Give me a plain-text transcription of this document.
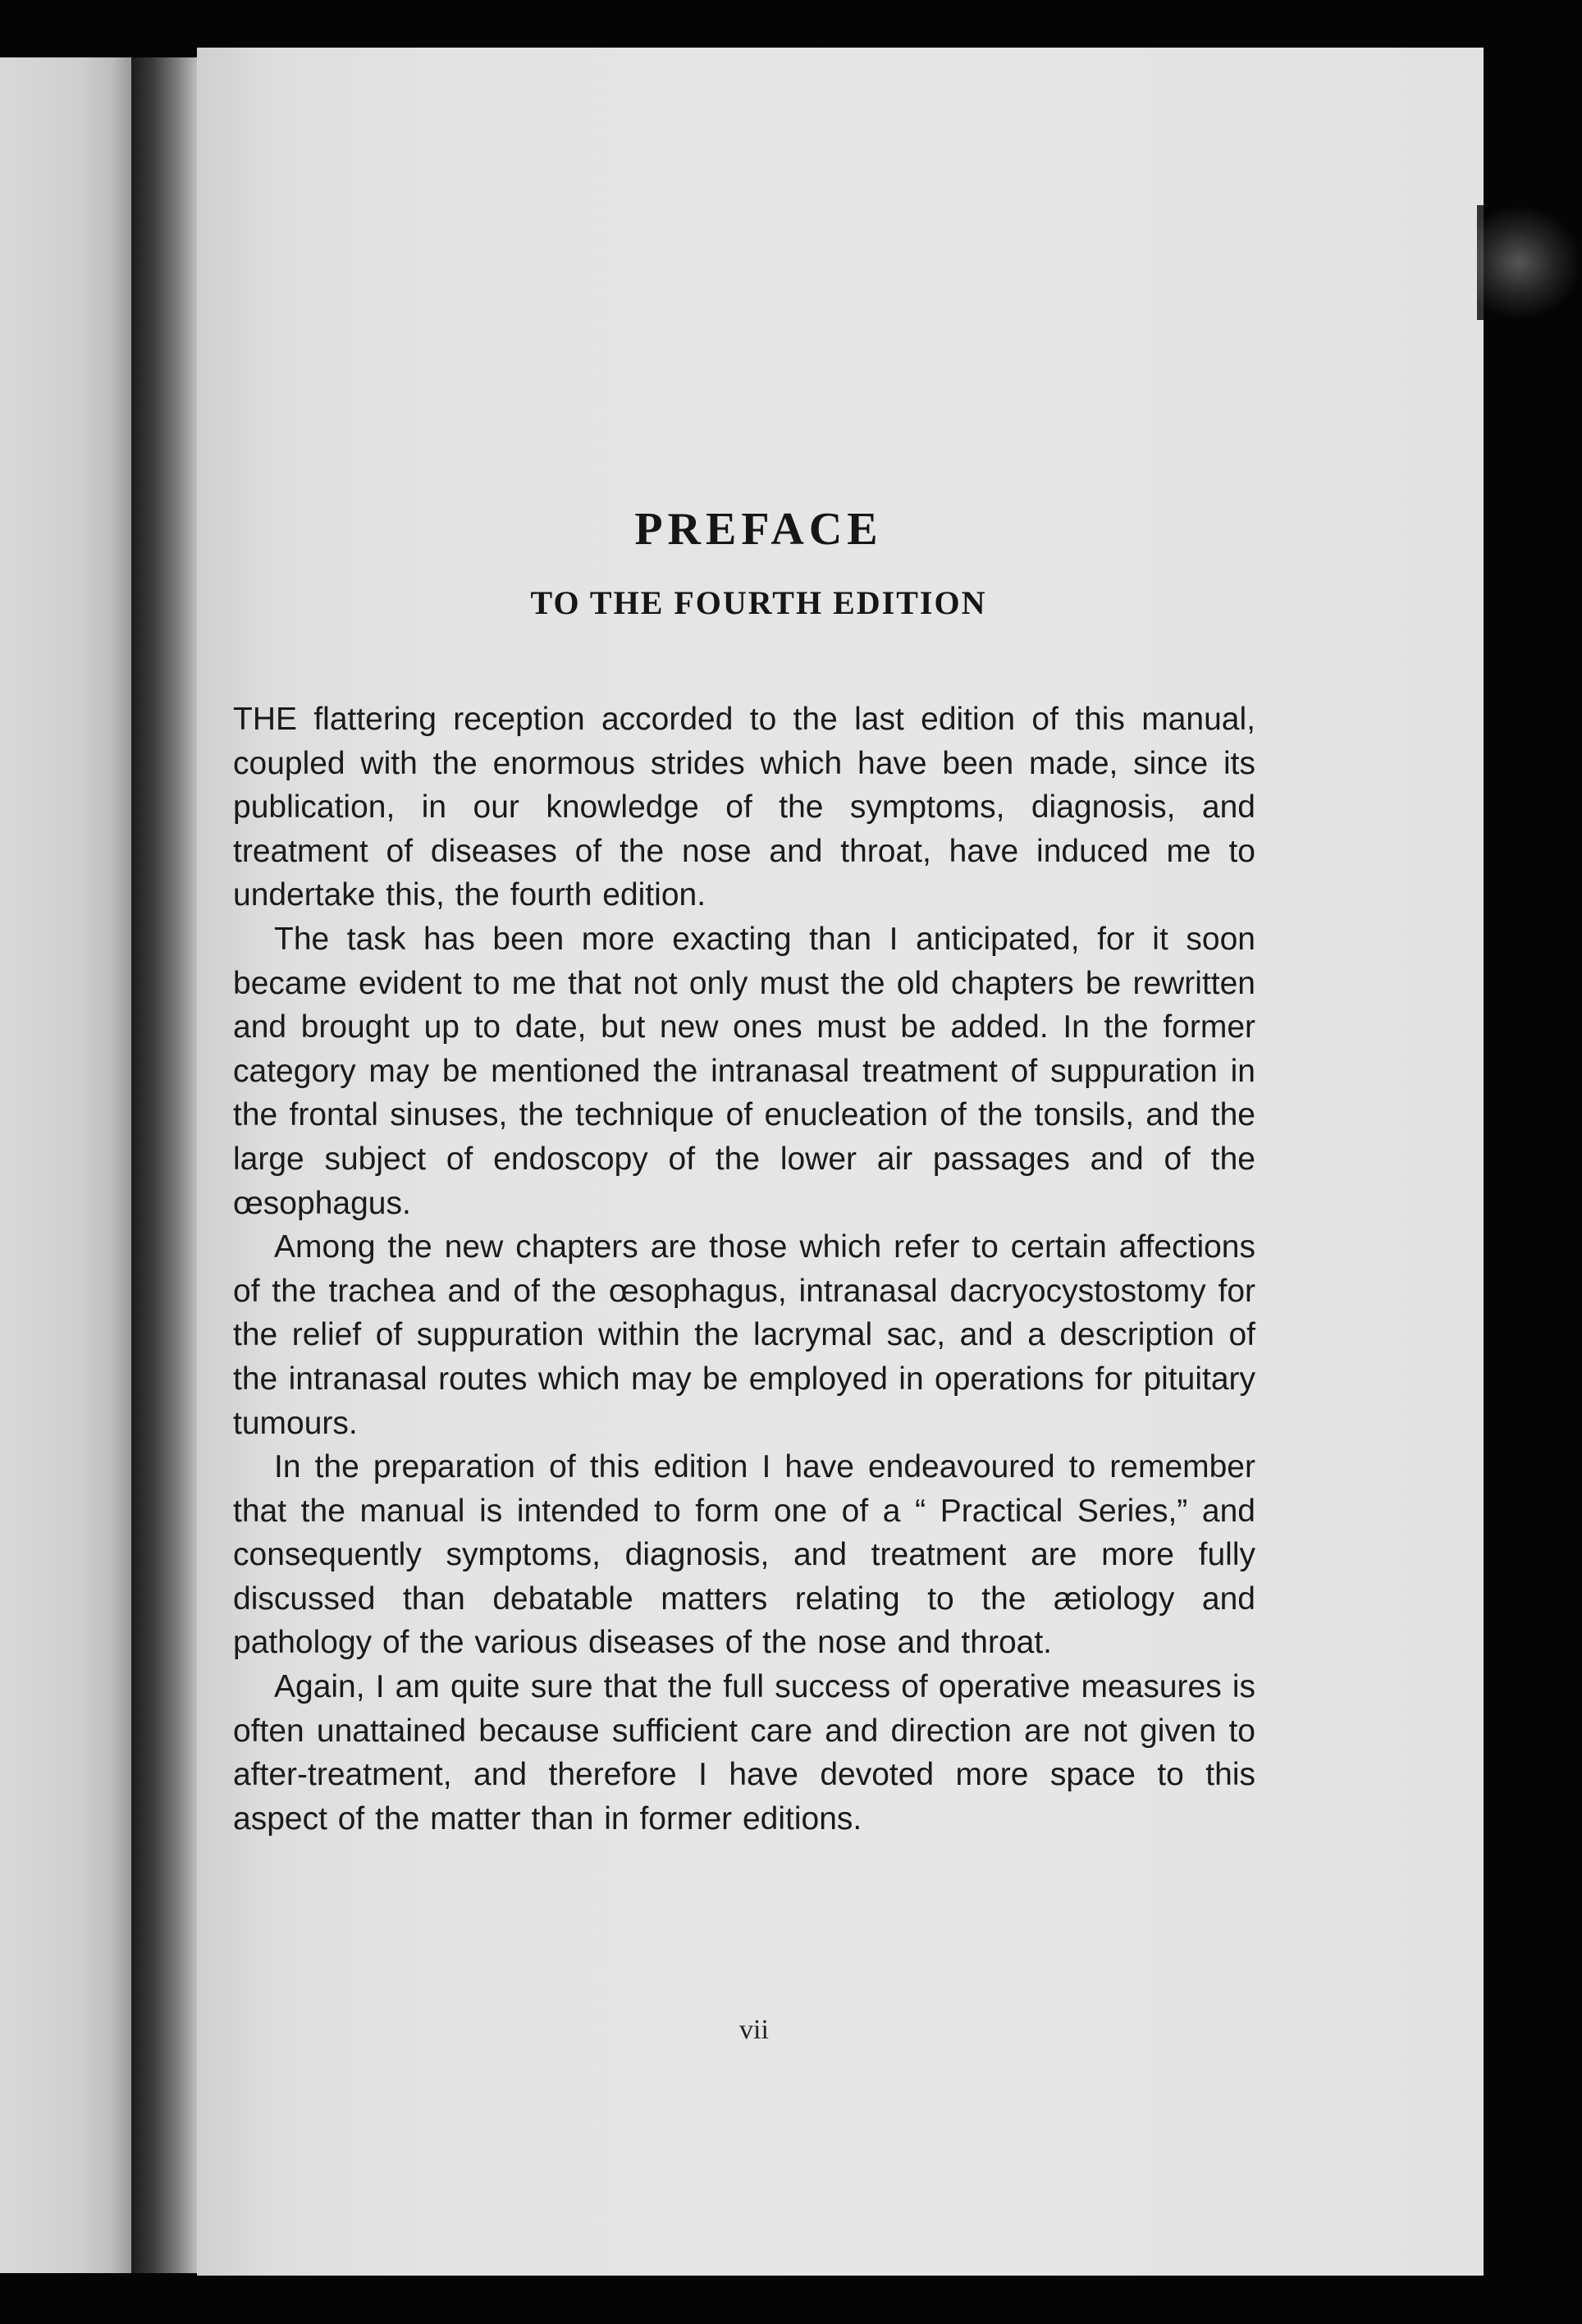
PREFACE
TO THE FOURTH EDITION

THE flattering reception accorded to the last edition of this manual, coupled with the enormous strides which have been made, since its publication, in our knowledge of the symptoms, diagnosis, and treatment of diseases of the nose and throat, have induced me to undertake this, the fourth edition.

The task has been more exacting than I anticipated, for it soon became evident to me that not only must the old chapters be rewritten and brought up to date, but new ones must be added. In the former category may be mentioned the intranasal treatment of suppuration in the frontal sinuses, the technique of enucleation of the tonsils, and the large subject of endoscopy of the lower air passages and of the œsophagus.

Among the new chapters are those which refer to certain affections of the trachea and of the œsophagus, intranasal dacryocystostomy for the relief of suppuration within the lacrymal sac, and a description of the intranasal routes which may be employed in operations for pituitary tumours.

In the preparation of this edition I have endeavoured to remember that the manual is intended to form one of a “ Practical Series,” and consequently symptoms, diagnosis, and treatment are more fully discussed than debatable matters relating to the ætiology and pathology of the various diseases of the nose and throat.

Again, I am quite sure that the full success of operative measures is often unattained because sufficient care and direction are not given to after-treatment, and therefore I have devoted more space to this aspect of the matter than in former editions.

vii
